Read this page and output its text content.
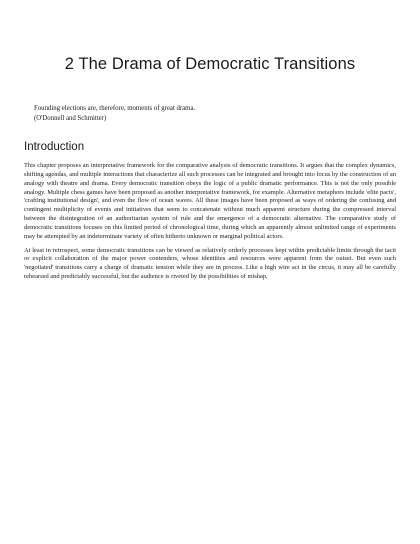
2 The Drama of Democratic Transitions

Founding elections are, therefore, moments of great drama.

(O'Donnell and Schmitter)

Introduction

This chapter proposes an interpretative framework for the comparative analysis of democratic transitions. It argues that the complex dynamics, shifting agendas, and multiple interactions that characterize all such processes can be integrated and brought into focus by the construction of an analogy with theatre and drama. Every democratic transition obeys the logic of a public dramatic performance. This is not the only possible analogy. Multiple chess games have been proposed as another interpretative framework, for example. Alternative metaphors include 'elite pacts', 'crafting institutional design', and even the flow of ocean waves. All these images have been proposed as ways of ordering the confusing and contingent multiplicity of events and initiatives that seem to concatenate without much apparent structure during the compressed interval between the disintegration of an authoritarian system of rule and the emergence of a democratic alternative. The comparative study of democratic transitions focuses on this limited period of chronological time, during which an apparently almost unlimited range of experiments may be attempted by an indeterminate variety of often hitherto unknown or marginal political actors.

At least in retrospect, some democratic transitions can be viewed as relatively orderly processes kept within predictable limits through the tacit or explicit collaboration of the major power contenders, whose identities and resources were apparent from the outset. But even such 'negotiated' transitions carry a charge of dramatic tension while they are in process. Like a high wire act in the circus, it may all be carefully rehearsed and predictably successful, but the audience is riveted by the possibilities of mishap,
